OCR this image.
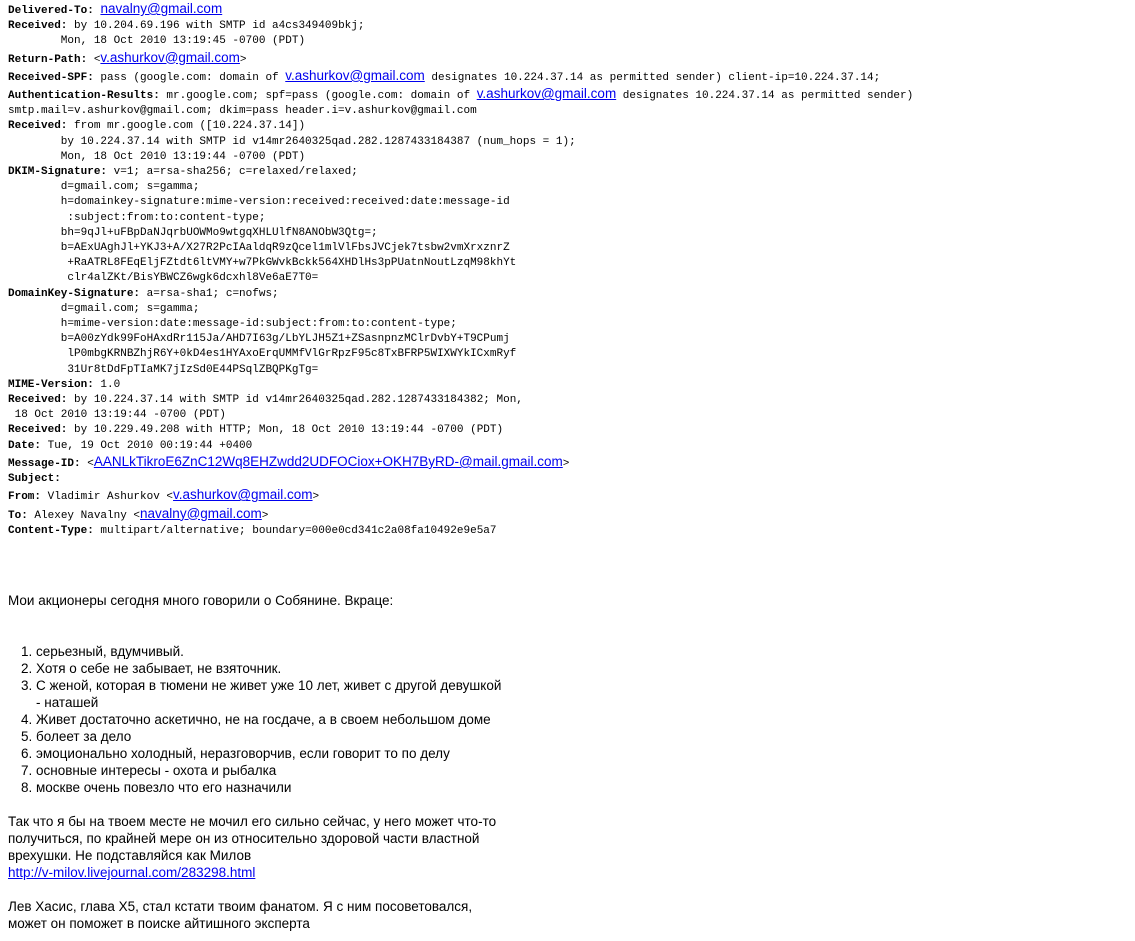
Delivered-To: navalny@gmail.com
Received: by 10.204.69.196 with SMTP id a4cs349409bkj;
Mon, 18 Oct 2010 13:19:45 -0700 (PDT)
Return-Path: <v.ashurkov@gmail.com>
Received-SPF: pass (google.com: domain of v.ashurkov@gmail.com designates 10.224.37.14 as permitted sender) client-ip=10.224.37.14;
Authentication-Results: mr.google.com; spf=pass (google.com: domain of v.ashurkov@gmail.com designates 10.224.37.14 as permitted sender)
smtp.mail=v.ashurkov@gmail.com; dkim=pass header.i=v.ashurkov@gmail.com
Received: from mr.google.com ([10.224.37.14])
by 10.224.37.14 with SMTP id v14mr2640325qad.282.1287433184387 (num_hops = 1);
Mon, 18 Oct 2010 13:19:44 -0700 (PDT)
DKIM-Signature: v=1; a=rsa-sha256; c=relaxed/relaxed;
d=gmail.com; s=gamma;
h=domainkey-signature:mime-version:received:received:date:message-id
:subject:from:to:content-type;
bh=9qJl+uFBpDaNJqrbUOWMo9wtgqXHLUlfN8ANObW3Qtg=;
b=AExUAghJl+YKJ3+A/X27R2PcIAaldqR9zQcel1mlVlFbsJVCjek7tsbw2vmXrxznrZ
+RaATRL8FEqEljFZtdt6ltVMY+w7PkGWvkBckk564XHDlHs3pPUatnNoutLzqM98khYt
clr4alZKt/BisYBWCZ6wgk6dcxhl8Ve6aE7T0=
DomainKey-Signature: a=rsa-sha1; c=nofws;
d=gmail.com; s=gamma;
h=mime-version:date:message-id:subject:from:to:content-type;
b=A00zYdk99FoHAxdRr115Ja/AHD7I63g/LbYLJH5Z1+ZSasnpnzMClrDvbY+T9CPumj
lP0mbgKRNBZhjR6Y+0kD4es1HYAxoErqUMMfVlGrRpzF95c8TxBFRP5WIXWYkICxmRyf
31Ur8tDdFpTIaMK7jIzSd0E44PSqlZBQPKgTg=
MIME-Version: 1.0
Received: by 10.224.37.14 with SMTP id v14mr2640325qad.282.1287433184382; Mon,
18 Oct 2010 13:19:44 -0700 (PDT)
Received: by 10.229.49.208 with HTTP; Mon, 18 Oct 2010 13:19:44 -0700 (PDT)
Date: Tue, 19 Oct 2010 00:19:44 +0400
Message-ID: <AANLkTikroE6ZnC12Wq8EHZwdd2UDFOCiox+OKH7ByRD-@mail.gmail.com>
Subject:
From: Vladimir Ashurkov <v.ashurkov@gmail.com>
To: Alexey Navalny <navalny@gmail.com>
Content-Type: multipart/alternative; boundary=000e0cd341c2a08fa10492e9e5a7

Мои акционеры сегодня много говорили о Собянине. Вкраце:

1. серьезный, вдумчивый.
2. Хотя о себе не забывает, не взяточник.
3. С женой, которая в тюмени не живет уже 10 лет, живет с другой девушкой
- наташей
4. Живет достаточно аскетично, не на госдаче, а в своем небольшом доме
5. болеет за дело
6. эмоционально холодный, неразговорчив, если говорит то по делу
7. основные интересы - охота и рыбалка
8. москве очень повезло что его назначили

Так что я бы на твоем месте не мочил его сильно сейчас, у него может что-то

получиться, по крайней мере он из относительно здоровой части властной

врехушки. Не подставляйся как Милов

http://v-milov.livejournal.com/283298.html

Лев Хасис, глава X5, стал кстати твоим фанатом. Я с ним посоветовался,

может он поможет в поиске айтишного эксперта
